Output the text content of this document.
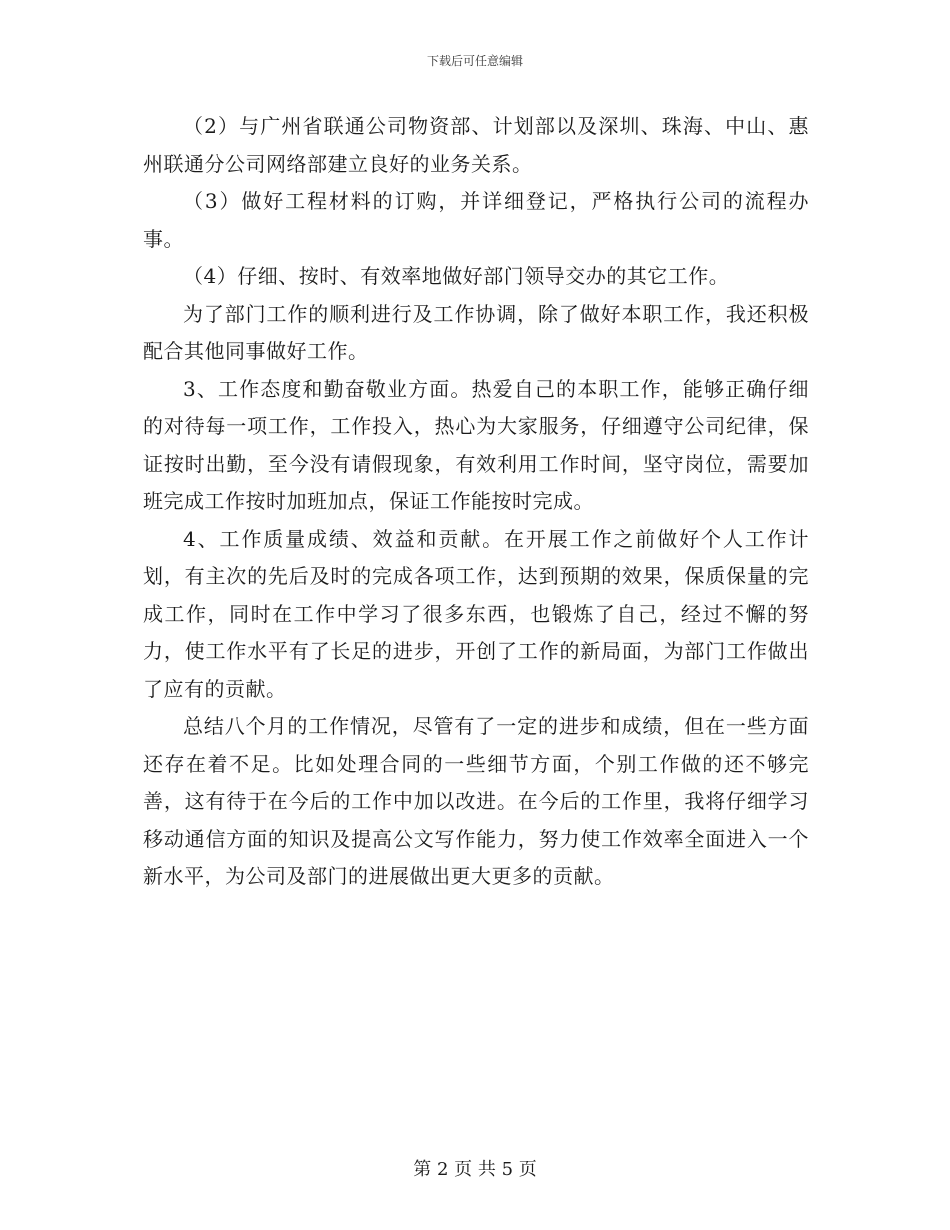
下载后可任意编辑

（2）与广州省联通公司物资部、计划部以及深圳、珠海、中山、惠州联通分公司网络部建立良好的业务关系。

（3）做好工程材料的订购，并详细登记，严格执行公司的流程办事。

（4）仔细、按时、有效率地做好部门领导交办的其它工作。

为了部门工作的顺利进行及工作协调，除了做好本职工作，我还积极配合其他同事做好工作。

3、工作态度和勤奋敬业方面。热爱自己的本职工作，能够正确仔细的对待每一项工作，工作投入，热心为大家服务，仔细遵守公司纪律，保证按时出勤，至今没有请假现象，有效利用工作时间，坚守岗位，需要加班完成工作按时加班加点，保证工作能按时完成。

4、工作质量成绩、效益和贡献。在开展工作之前做好个人工作计划，有主次的先后及时的完成各项工作，达到预期的效果，保质保量的完成工作，同时在工作中学习了很多东西，也锻炼了自己，经过不懈的努力，使工作水平有了长足的进步，开创了工作的新局面，为部门工作做出了应有的贡献。

总结八个月的工作情况，尽管有了一定的进步和成绩，但在一些方面还存在着不足。比如处理合同的一些细节方面，个别工作做的还不够完善，这有待于在今后的工作中加以改进。在今后的工作里，我将仔细学习移动通信方面的知识及提高公文写作能力，努力使工作效率全面进入一个新水平，为公司及部门的进展做出更大更多的贡献。

第 2 页 共 5 页
